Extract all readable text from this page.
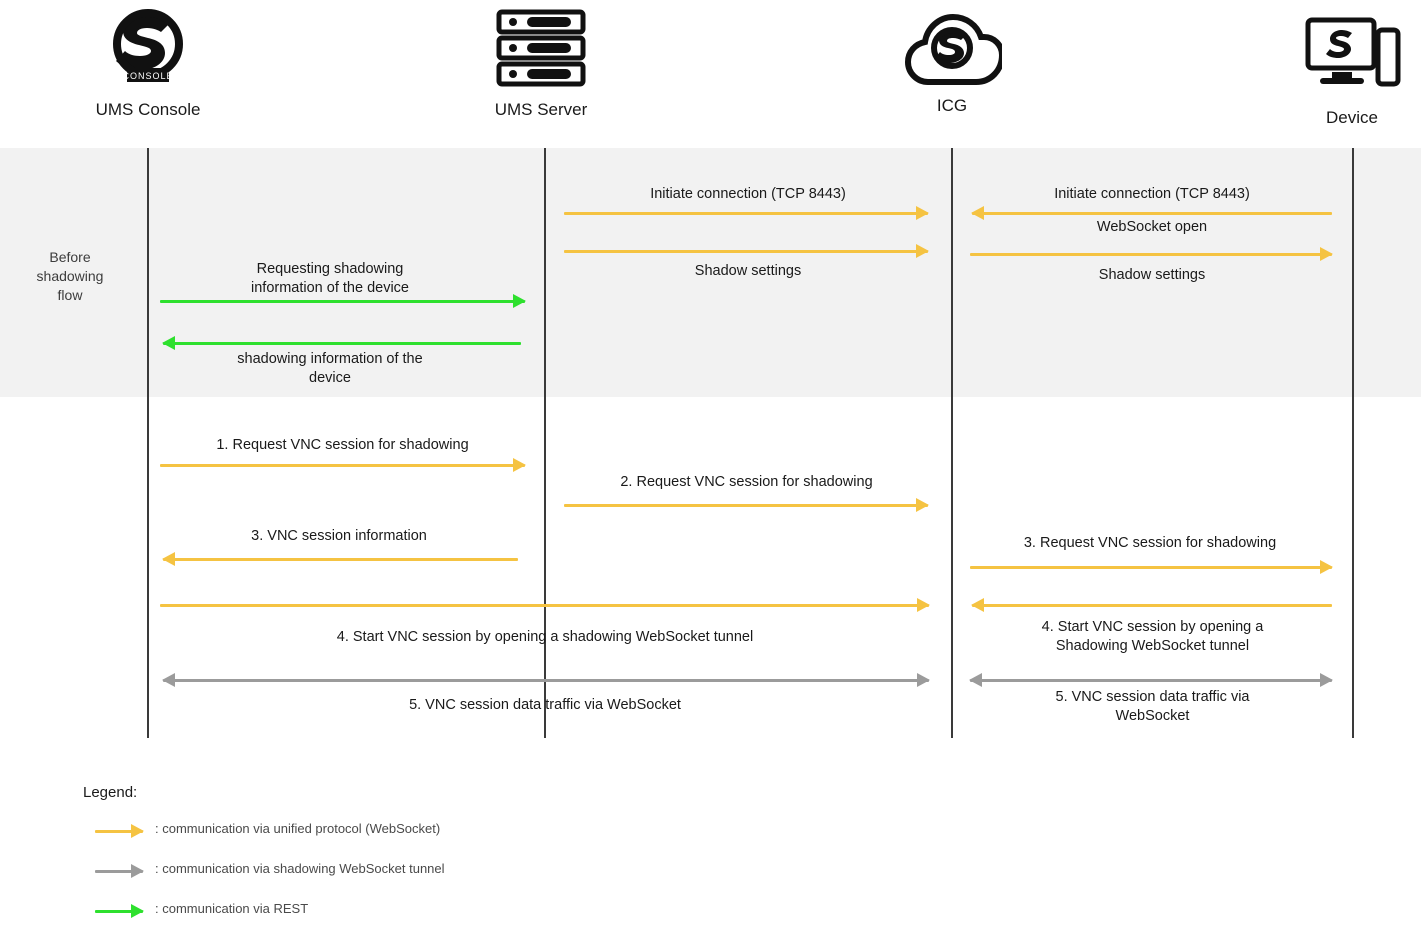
Before
shadowing
flow
CONSOLE
UMS Console	UMS Server	ICG
Device
Initiate connection (TCP 8443)	Initiate connection (TCP 8443)
WebSocket open
Shadow settings	Shadow settings
Requesting shadowing
information of the device
shadowing information of the
device
1. Request VNC session for shadowing
2. Request VNC session for shadowing
3. VNC session information	3. Request VNC session for shadowing
4. Start VNC session by opening a shadowing WebSocket tunnel
4. Start VNC session by opening a
Shadowing WebSocket tunnel
5. VNC session data traffic via WebSocket	5. VNC session data traffic via
WebSocket
Legend:
: communication via unified protocol (WebSocket)
: communication via shadowing WebSocket tunnel
: communication via REST
